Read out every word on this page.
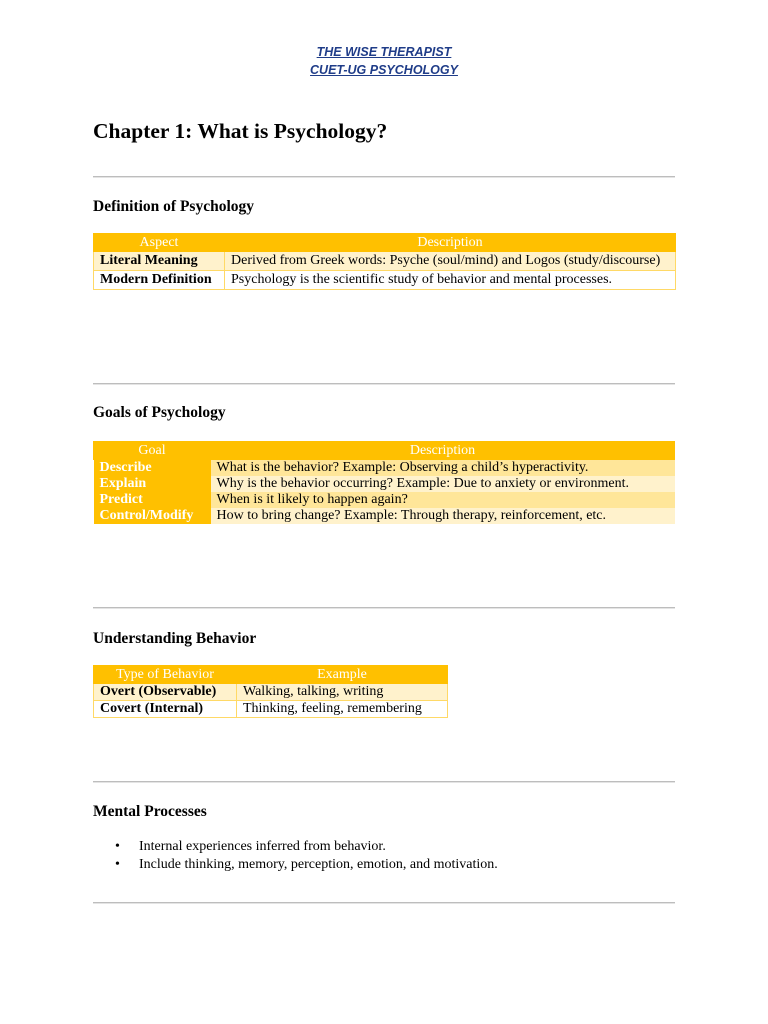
THE WISE THERAPIST
CUET-UG PSYCHOLOGY
Chapter 1: What is Psychology?
Definition of Psychology
Aspect	Description
Literal Meaning	Derived from Greek words: Psyche (soul/mind) and Logos (study/discourse)
Modern Definition	Psychology is the scientific study of behavior and mental processes.
Goals of Psychology
Goal	Description
Describe	What is the behavior? Example: Observing a child’s hyperactivity.
Explain	Why is the behavior occurring? Example: Due to anxiety or environment.
Predict	When is it likely to happen again?
Control/Modify	How to bring change? Example: Through therapy, reinforcement, etc.
Understanding Behavior
Type of Behavior	Example
Overt (Observable)	Walking, talking, writing
Covert (Internal)	Thinking, feeling, remembering
Mental Processes
• Internal experiences inferred from behavior.
• Include thinking, memory, perception, emotion, and motivation.
